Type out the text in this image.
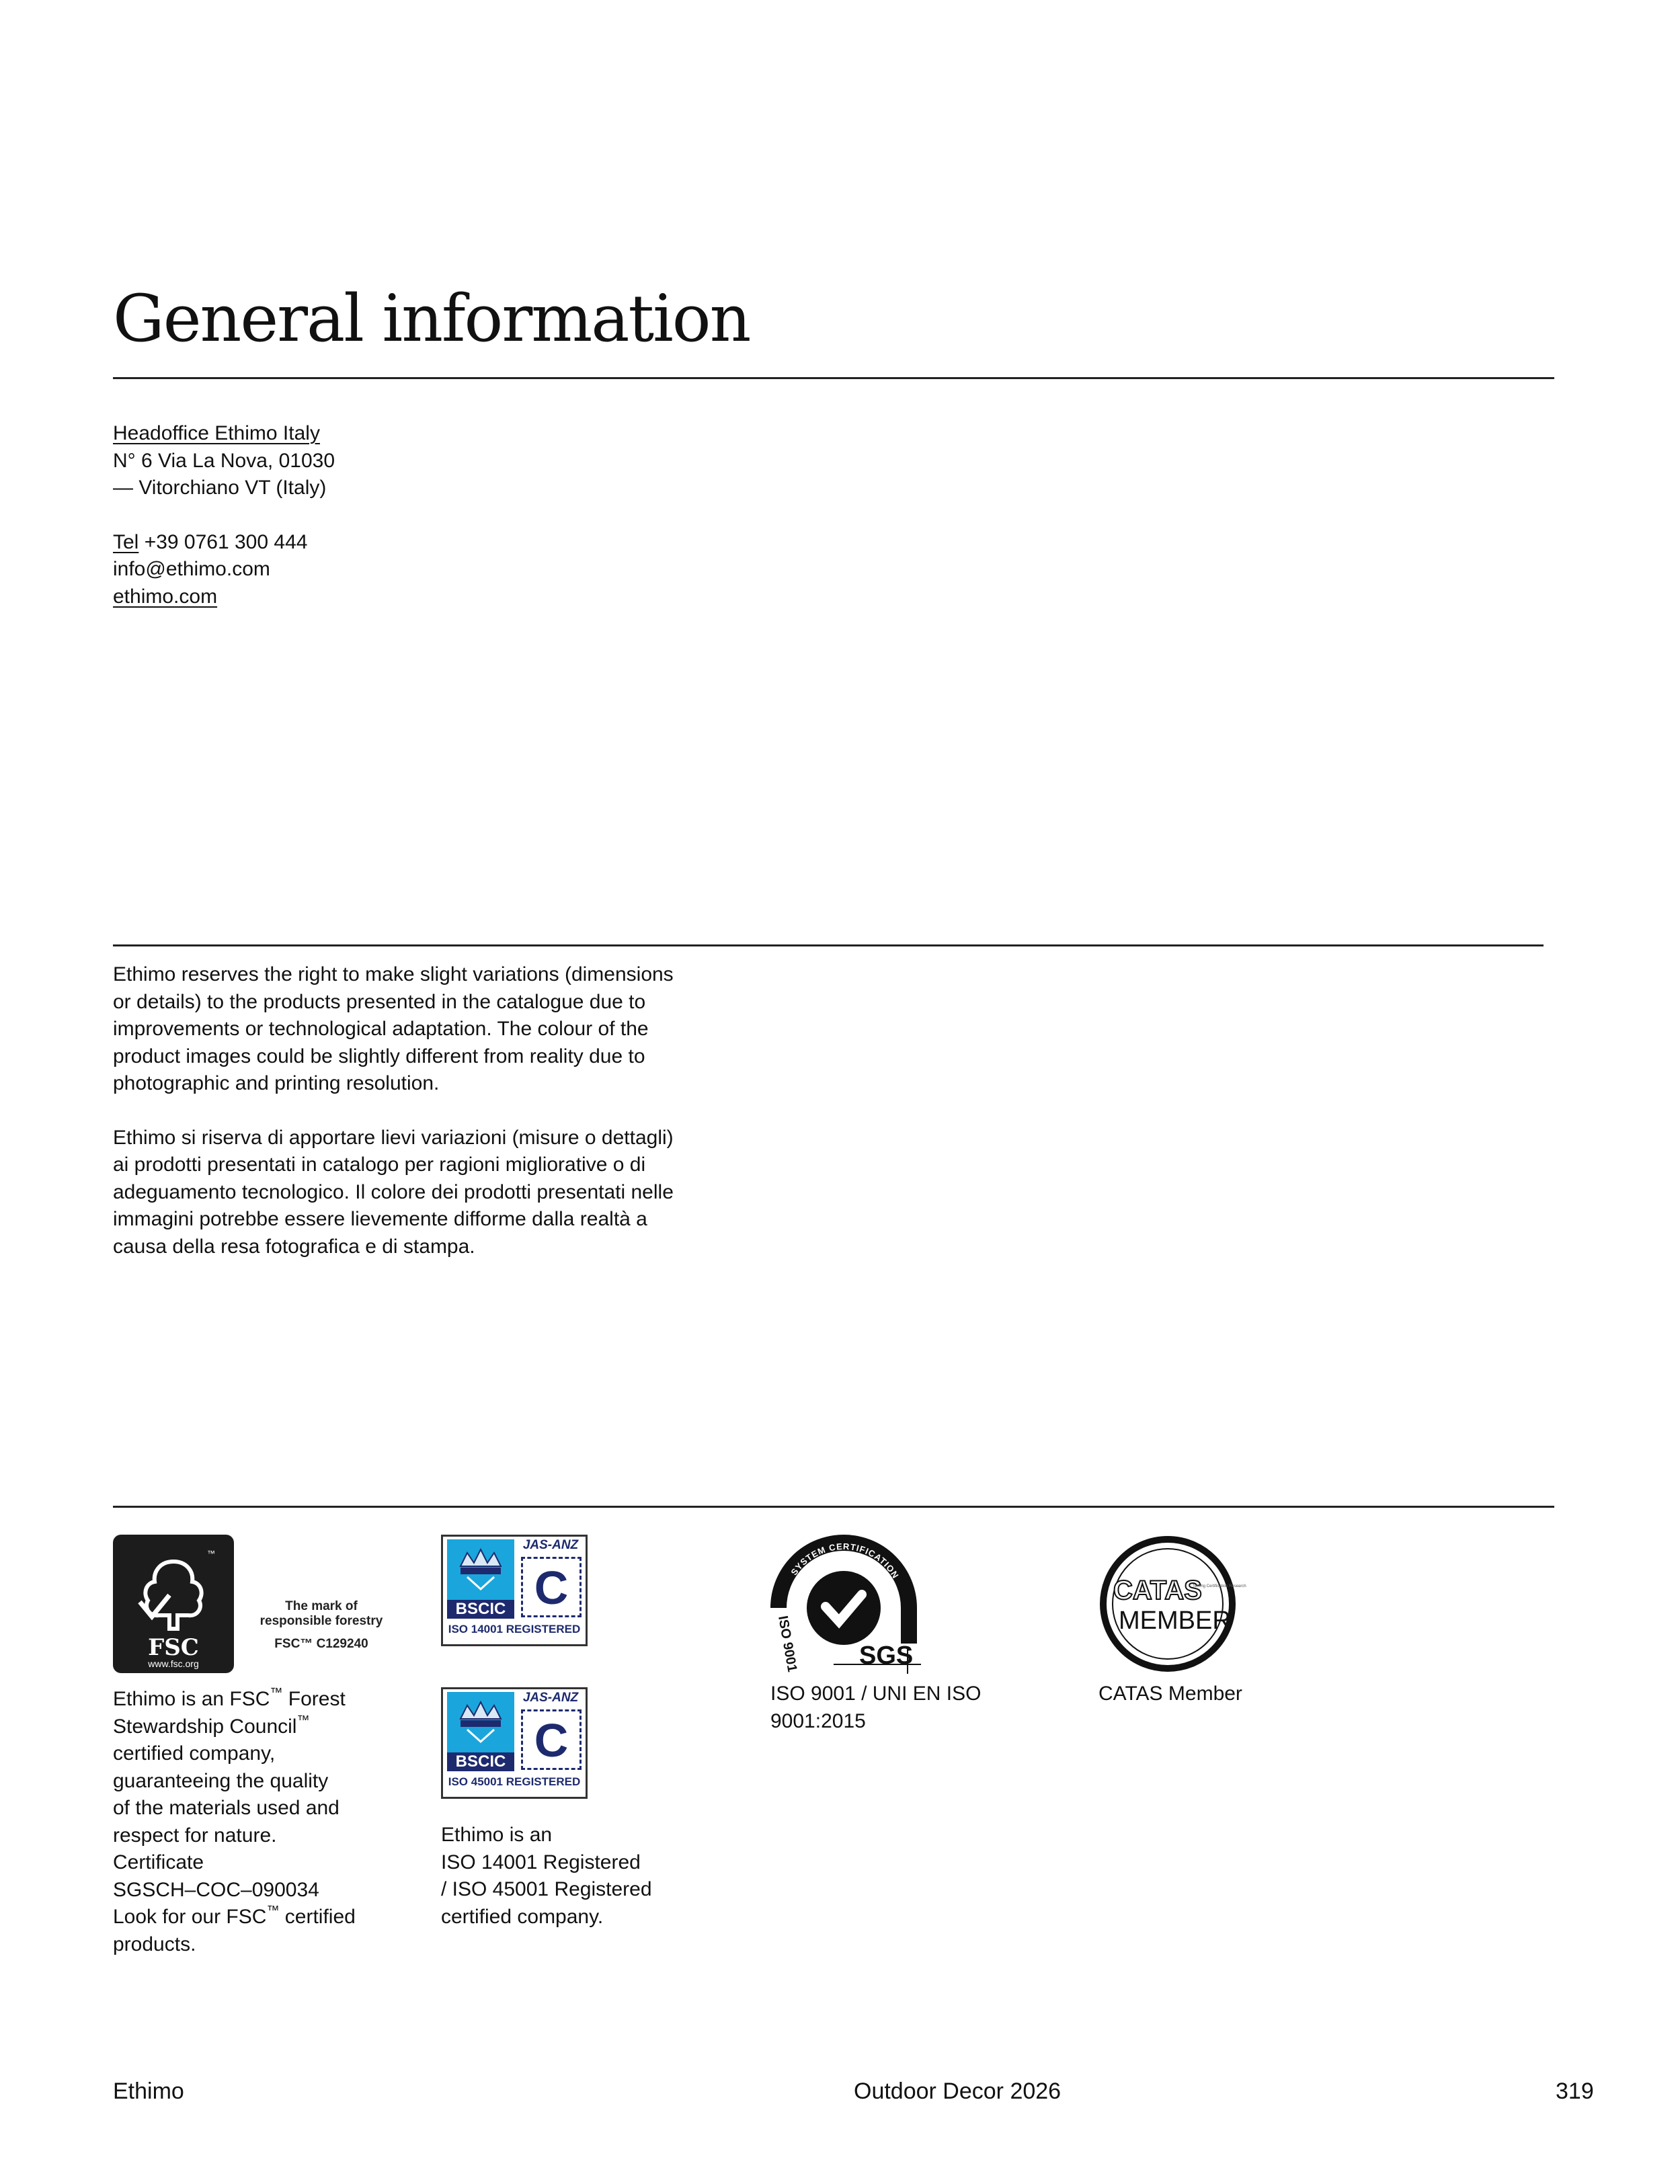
General information

Headoffice Ethimo Italy

N° 6 Via La Nova, 01030

— Vitorchiano VT (Italy)

Tel +39 0761 300 444

info@ethimo.com

ethimo.com

Ethimo reserves the right to make slight variations (dimensions

or details) to the products presented in the catalogue due to

improvements or technological adaptation. The colour of the

product images could be slightly different from reality due to

photographic and printing resolution.

Ethimo si riserva di apportare lievi variazioni (misure o dettagli)

ai prodotti presentati in catalogo per ragioni migliorative o di

adeguamento tecnologico. Il colore dei prodotti presentati nelle

immagini potrebbe essere lievemente difforme dalla realtà a

causa della resa fotografica e di stampa.

™
FSC
www.fsc.org
The mark of
responsible forestry
FSC™ C129240

Ethimo is an FSC™ Forest

Stewardship Council™

certified company,

guaranteeing the quality

of the materials used and

respect for nature.

Certificate

SGSCH–COC–090034

Look for our FSC™ certified

products.

BSCIC
JAS-ANZ
C
ISO 14001 REGISTERED
BSCIC
JAS-ANZ
C
ISO 45001 REGISTERED

Ethimo is an

ISO 14001 Registered

/ ISO 45001 Registered

certified company.

SYSTEM CERTIFICATION
ISO 9001 SGS

ISO 9001 / UNI EN ISO

9001:2015

CATAS
Testing Certification Research
MEMBER
CATAS Member
Ethimo	Outdoor Decor 2026	319
